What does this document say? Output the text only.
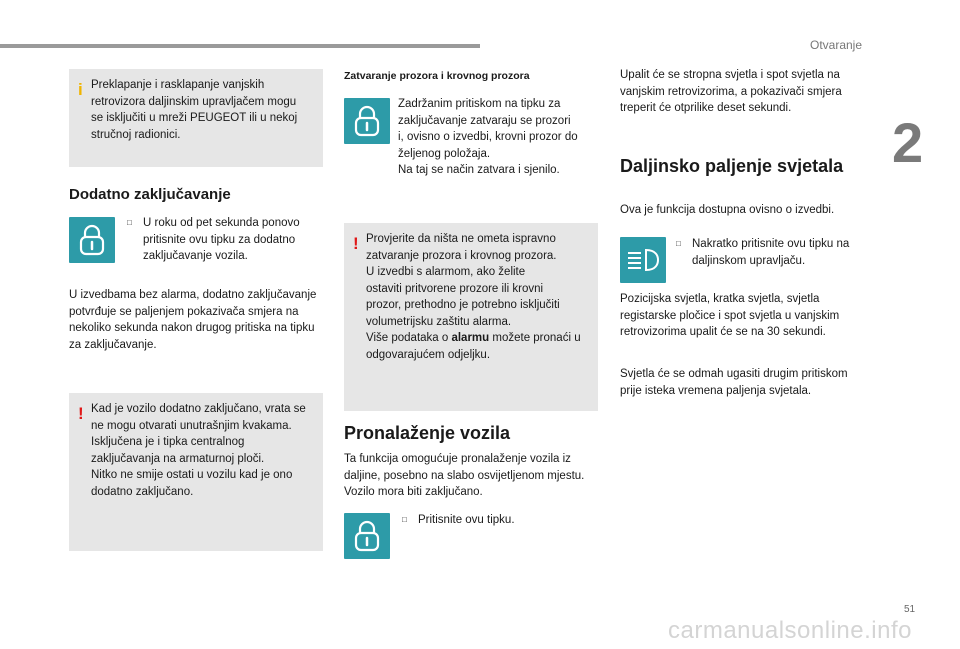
Otvaranje
2
i Preklapanje i rasklapanje vanjskih

retrovizora daljinskim upravljačem mogu

se isključiti u mreži PEUGEOT ili u nekoj

stručnoj radionici.

Dodatno zaključavanje
□ U roku od pet sekunda ponovo pritisnite ovu tipku za dodatno zaključavanje vozila.

U izvedbama bez alarma, dodatno zaključavanje potvrđuje se paljenjem pokazivača smjera na nekoliko sekunda nakon drugog pritiska na tipku za zaključavanje.

! Kad je vozilo dodatno zaključano, vrata se

ne mogu otvarati unutrašnjim kvakama.

Isključena je i tipka centralnog

zaključavanja na armaturnoj ploči.

Nitko ne smije ostati u vozilu kad je ono

dodatno zaključano.

Zatvaranje prozora i krovnog prozora

Zadržanim pritiskom na tipku za

zaključavanje zatvaraju se prozori

i, ovisno o izvedbi, krovni prozor do

željenog položaja.

Na taj se način zatvara i sjenilo.

! Provjerite da ništa ne ometa ispravno

zatvaranje prozora i krovnog prozora.

U izvedbi s alarmom, ako želite

ostaviti pritvorene prozore ili krovni

prozor, prethodno je potrebno isključiti

volumetrijsku zaštitu alarma.

Više podataka o alarmu možete pronaći u

odgovarajućem odjeljku.

Pronalaženje vozila

Ta funkcija omogućuje pronalaženje vozila iz daljine, posebno na slabo osvijetljenom mjestu. Vozilo mora biti zaključano.

□ Pritisnite ovu tipku.

Upalit će se stropna svjetla i spot svjetla na vanjskim retrovizorima, a pokazivači smjera treperit će otprilike deset sekundi.

Daljinsko paljenje svjetala

Ova je funkcija dostupna ovisno o izvedbi.

□ Nakratko pritisnite ovu tipku na daljinskom upravljaču.

Pozicijska svjetla, kratka svjetla, svjetla registarske pločice i spot svjetla u vanjskim retrovizorima upalit će se na 30 sekundi.

Svjetla će se odmah ugasiti drugim pritiskom prije isteka vremena paljenja svjetala.

51
carmanualsonline.info
